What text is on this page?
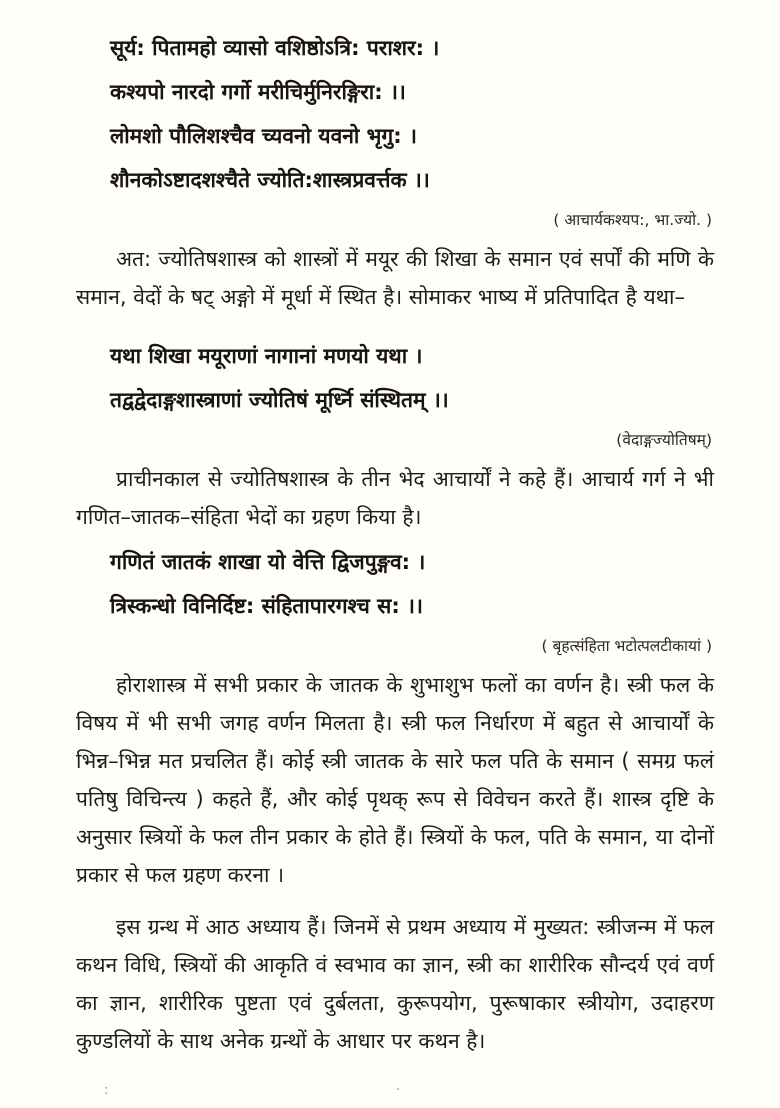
सूर्य: पितामहो व्यासो वशिष्ठोऽत्रि: पराशर: ।
कश्यपो नारदो गर्गो मरीचिर्मुनिरङ्गिरा: ।।
लोमशो पौलिशश्चैव च्यवनो यवनो भृगु: ।
शौनकोऽष्टादशश्चैते ज्योति:शास्त्रप्रवर्त्तक ।।
( आचार्यकश्यप:, भा.ज्यो. )

अत: ज्योतिषशास्त्र को शास्त्रों में मयूर की शिखा के समान एवं सर्पों की मणि के समान, वेदों के षट् अङ्गो में मूर्धा में स्थित है। सोमाकर भाष्य में प्रतिपादित है यथा–

यथा शिखा मयूराणां नागानां मणयो यथा ।
तद्वद्वेदाङ्गशास्त्राणां ज्योतिषं मूर्ध्नि संस्थितम् ।।
(वेदाङ्गज्योतिषम्)

प्राचीनकाल से ज्योतिषशास्त्र के तीन भेद आचार्यों ने कहे हैं। आचार्य गर्ग ने भी गणित–जातक–संहिता भेदों का ग्रहण किया है।

गणितं जातकं शाखा यो वेत्ति द्विजपुङ्गव: ।
त्रिस्कन्धो विनिर्दिष्ट: संहितापारगश्च स: ।।
( बृहत्संहिता भटोत्पलटीकायां )

होराशास्त्र में सभी प्रकार के जातक के शुभाशुभ फलों का वर्णन है। स्त्री फल के विषय में भी सभी जगह वर्णन मिलता है। स्त्री फल निर्धारण में बहुत से आचार्यों के भिन्न–भिन्न मत प्रचलित हैं। कोई स्त्री जातक के सारे फल पति के समान ( समग्र फलं पतिषु विचिन्त्य ) कहते हैं, और कोई पृथक् रूप से विवेचन करते हैं। शास्त्र दृष्टि के अनुसार स्त्रियों के फल तीन प्रकार के होते हैं। स्त्रियों के फल, पति के समान, या दोनों प्रकार से फल ग्रहण करना ।

इस ग्रन्थ में आठ अध्याय हैं। जिनमें से प्रथम अध्याय में मुख्यत: स्त्रीजन्म में फल कथन विधि, स्त्रियों की आकृति वं स्वभाव का ज्ञान, स्त्री का शारीरिक सौन्दर्य एवं वर्ण का ज्ञान, शारीरिक पुष्टता एवं दुर्बलता, कुरूपयोग, पुरूषाकार स्त्रीयोग, उदाहरण कुण्डलियों के साथ अनेक ग्रन्थों के आधार पर कथन है।

:	.
